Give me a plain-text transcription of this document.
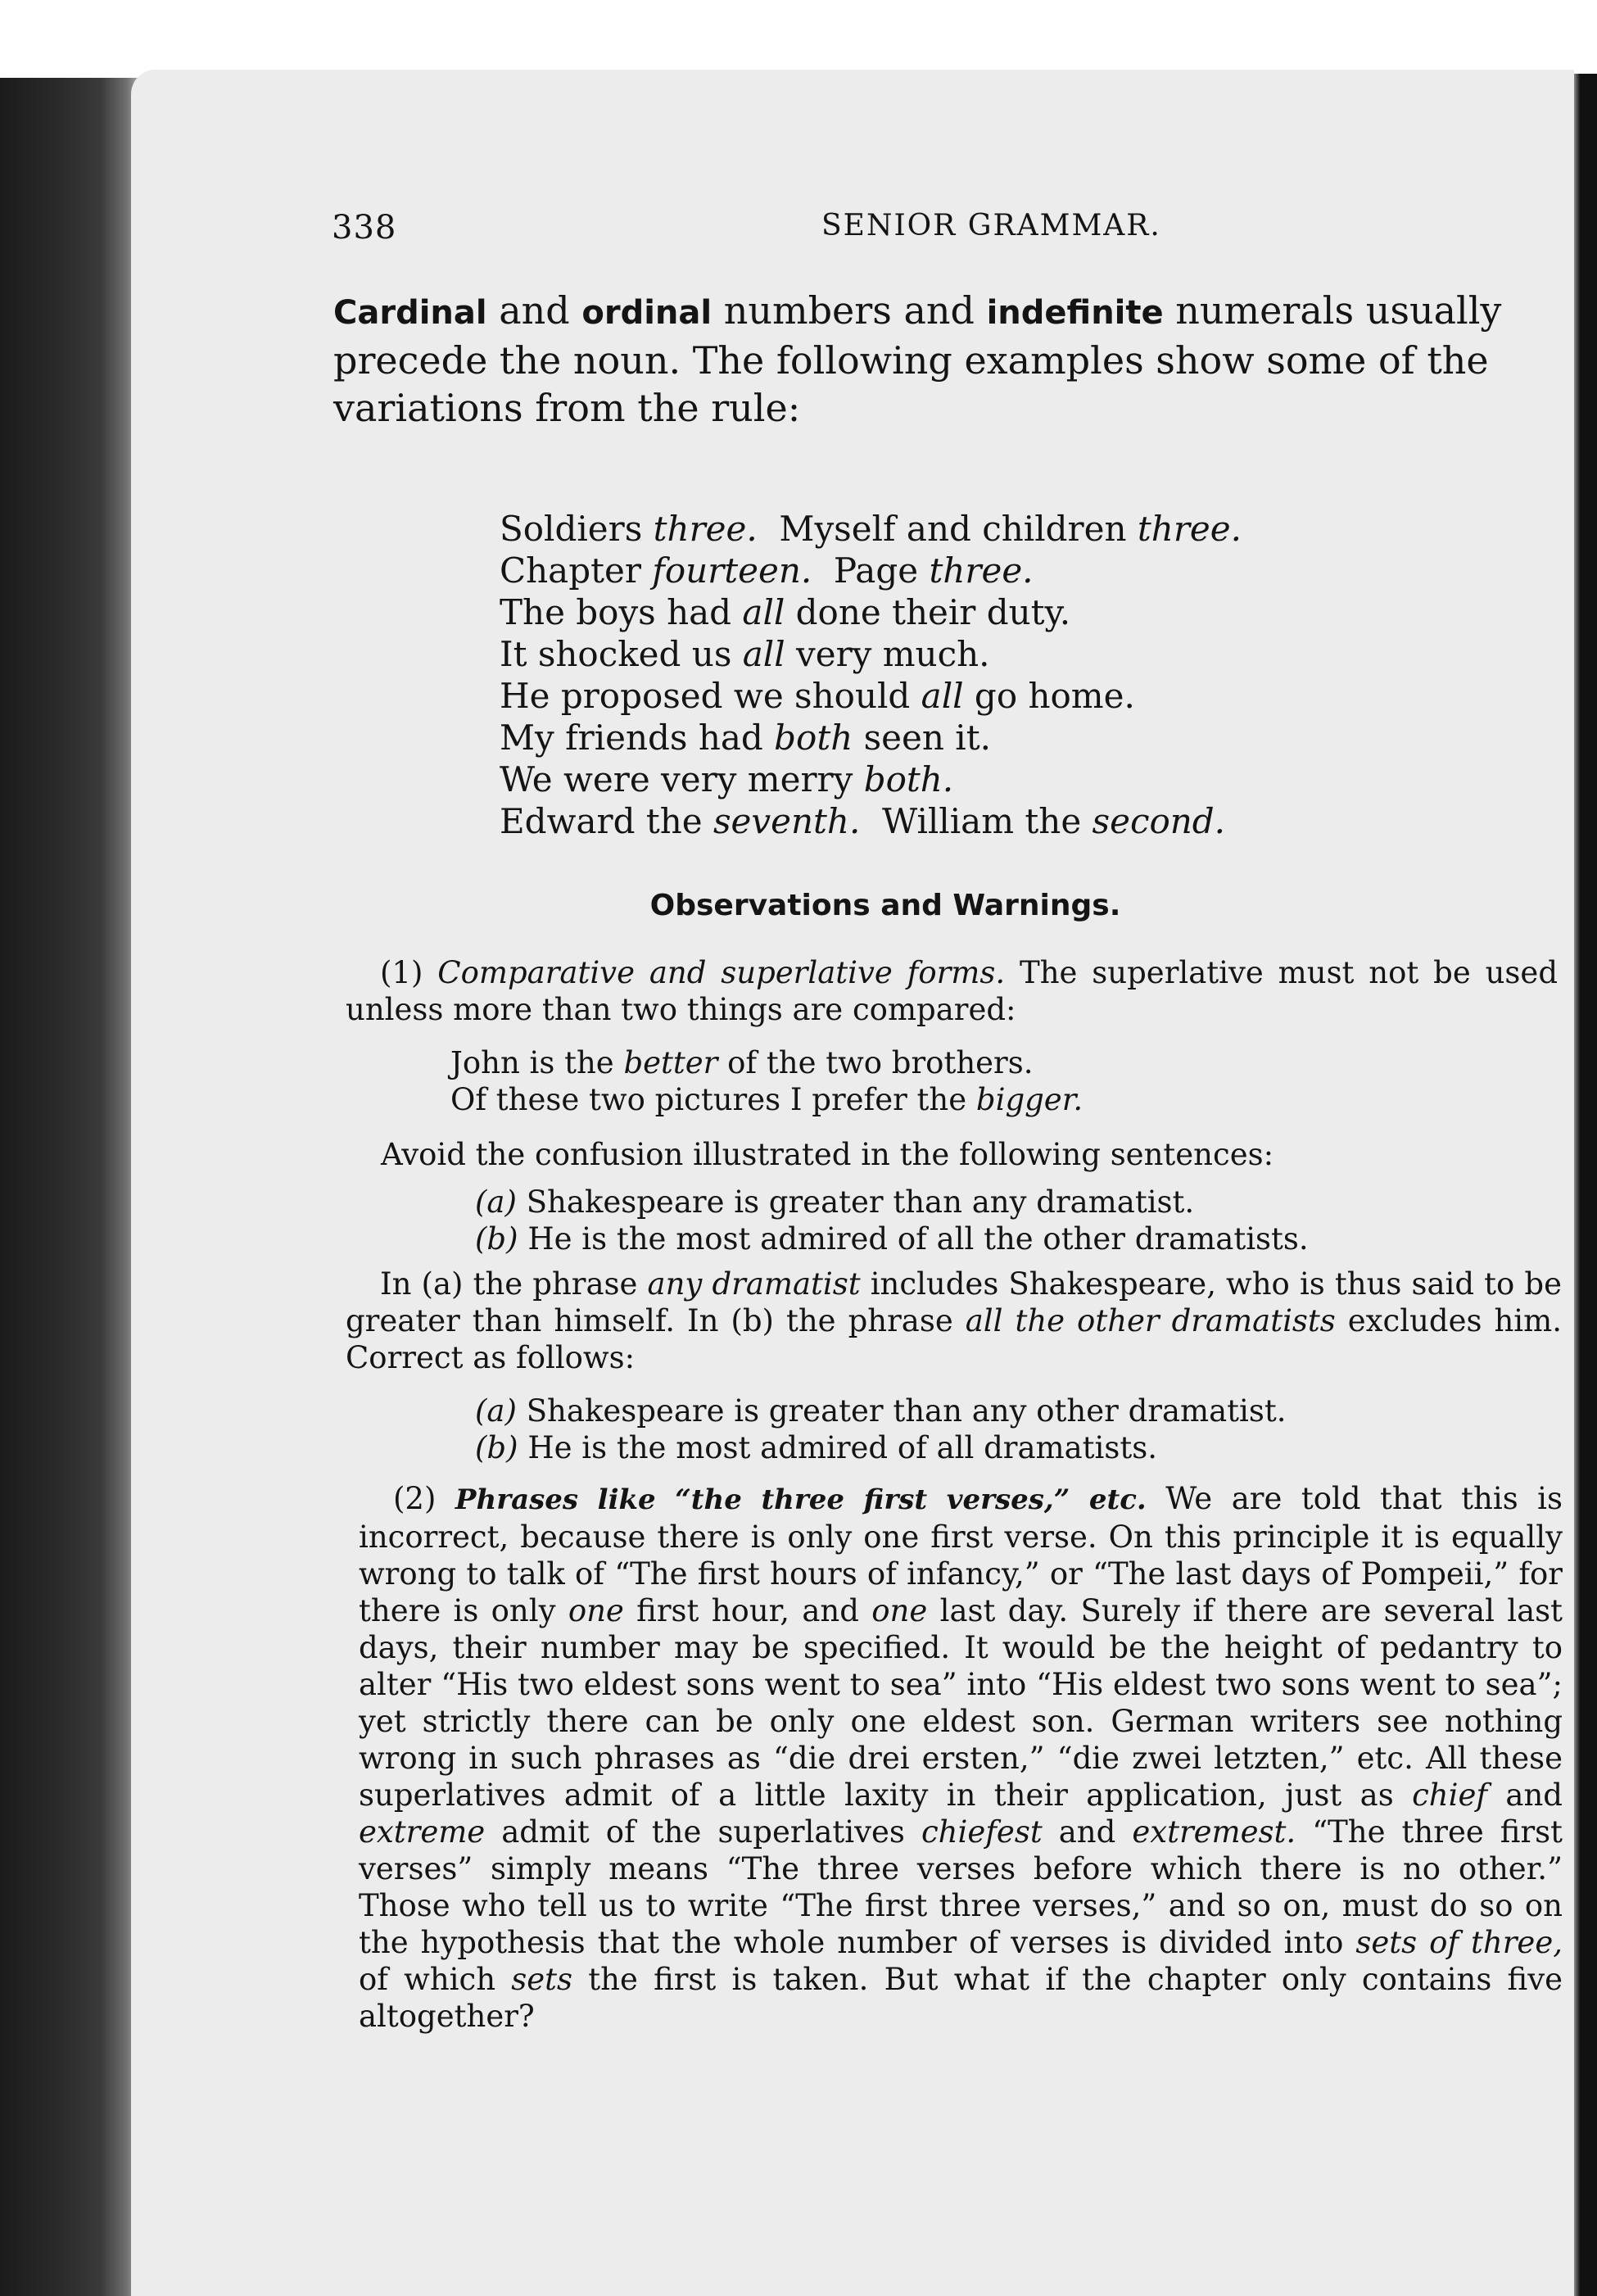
338	SENIOR GRAMMAR.
Cardinal and ordinal numbers and indefinite numerals usually precede the noun. The following examples show some of the variations from the rule:
Soldiers three.  Myself and children three.
Chapter fourteen.  Page three.
The boys had all done their duty.
It shocked us all very much.
He proposed we should all go home.
My friends had both seen it.
We were very merry both.
Edward the seventh.  William the second.
Observations and Warnings.
(1) Comparative and superlative forms. The superlative must not be used unless more than two things are compared:
John is the better of the two brothers.
Of these two pictures I prefer the bigger.
Avoid the confusion illustrated in the following sentences:
(a) Shakespeare is greater than any dramatist.
(b) He is the most admired of all the other dramatists.
In (a) the phrase any dramatist includes Shakespeare, who is thus said to be greater than himself. In (b) the phrase all the other dramatists excludes him. Correct as follows:
(a) Shakespeare is greater than any other dramatist.
(b) He is the most admired of all dramatists.
(2) Phrases like “the three first verses,” etc. We are told that this is incorrect, because there is only one first verse. On this principle it is equally wrong to talk of “The first hours of infancy,” or “The last days of Pompeii,” for there is only one first hour, and one last day. Surely if there are several last days, their number may be specified. It would be the height of pedantry to alter “His two eldest sons went to sea” into “His eldest two sons went to sea”; yet strictly there can be only one eldest son. German writers see nothing wrong in such phrases as “die drei ersten,” “die zwei letzten,” etc. All these superlatives admit of a little laxity in their application, just as chief and extreme admit of the superlatives chiefest and extremest. “The three first verses” simply means “The three verses before which there is no other.” Those who tell us to write “The first three verses,” and so on, must do so on the hypothesis that the whole number of verses is divided into sets of three, of which sets the first is taken. But what if the chapter only contains five altogether?
